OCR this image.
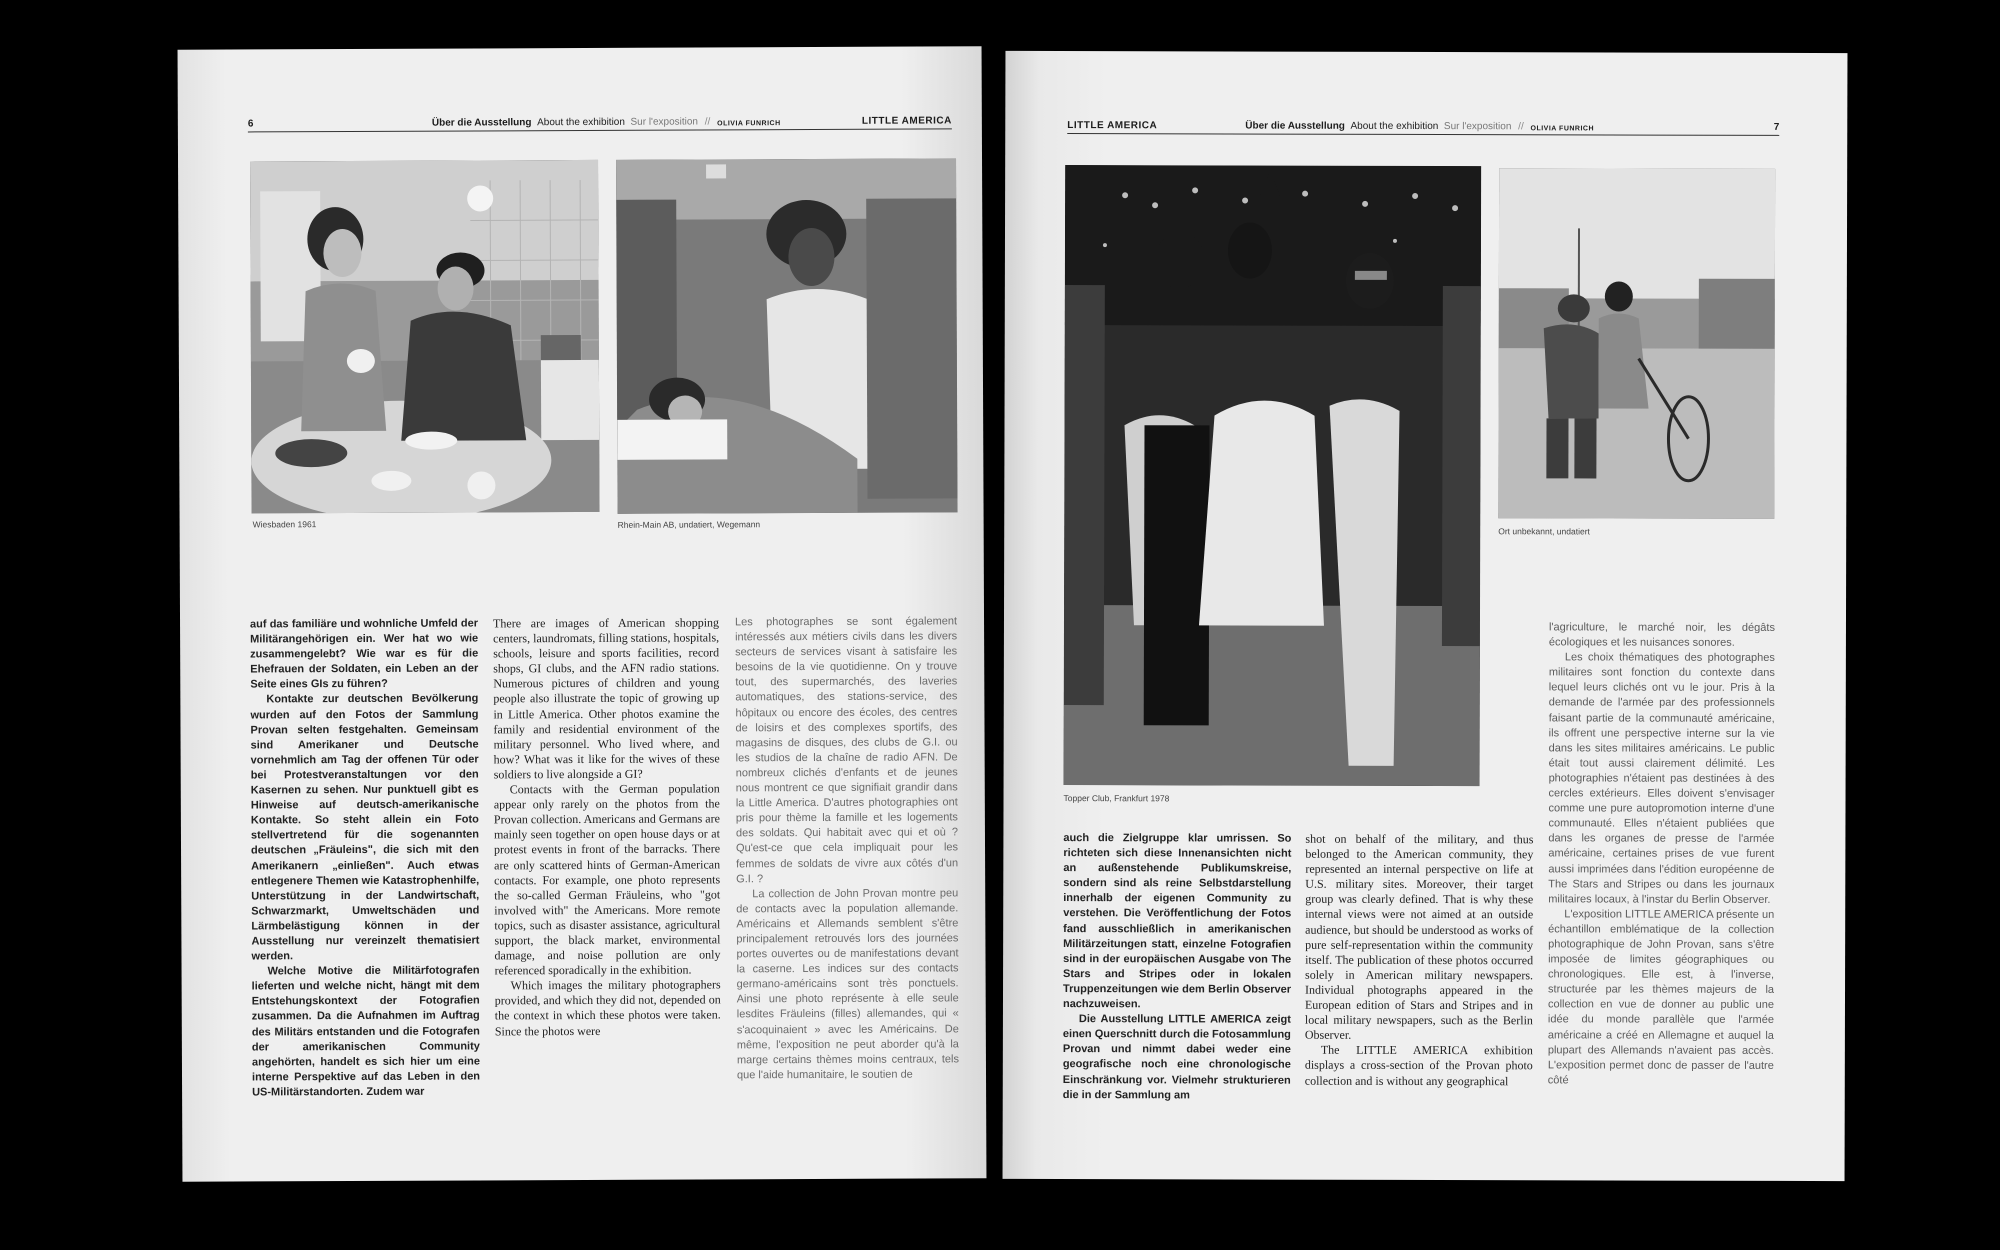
6	Über die Ausstellung About the exhibition Sur l'exposition // OLIVIA FUNRICH	LITTLE AMERICA
Wiesbaden 1961	Rhein-Main AB, undatiert, Wegemann

auf das familiäre und wohnliche Umfeld der Militärangehörigen ein. Wer hat wo wie zusammengelebt? Wie war es für die Ehefrauen der Soldaten, ein Leben an der Seite eines GIs zu führen?

Kontakte zur deutschen Bevölkerung wurden auf den Fotos der Sammlung Provan selten festgehalten. Gemeinsam sind Amerikaner und Deutsche vornehmlich am Tag der offenen Tür oder bei Protestveranstaltungen vor den Kasernen zu sehen. Nur punktuell gibt es Hinweise auf deutsch-amerikanische Kontakte. So steht allein ein Foto stellvertretend für die sogenannten deutschen „Fräuleins", die sich mit den Amerikanern „einließen". Auch etwas entlegenere Themen wie Katastrophenhilfe, Unterstützung in der Landwirtschaft, Schwarzmarkt, Umweltschäden und Lärmbelästigung können in der Ausstellung nur vereinzelt thematisiert werden.

Welche Motive die Militärfotografen lieferten und welche nicht, hängt mit dem Entstehungskontext der Fotografien zusammen. Da die Aufnahmen im Auftrag des Militärs entstanden und die Fotografen der amerikanischen Community angehörten, handelt es sich hier um eine interne Perspektive auf das Leben in den US-Militärstandorten. Zudem war

There are images of American shopping centers, laundromats, filling stations, hospitals, schools, leisure and sports facilities, record shops, GI clubs, and the AFN radio stations. Numerous pictures of children and young people also illustrate the topic of growing up in Little America. Other photos examine the family and residential environment of the military personnel. Who lived where, and how? What was it like for the wives of these soldiers to live alongside a GI?

Contacts with the German population appear only rarely on the photos from the Provan collection. Americans and Germans are mainly seen together on open house days or at protest events in front of the barracks. There are only scattered hints of German-American contacts. For example, one photo represents the so-called German Fräuleins, who "got involved with" the Americans. More remote topics, such as disaster assistance, agricultural support, the black market, environmental damage, and noise pollution are only referenced sporadically in the exhibition.

Which images the military photographers provided, and which they did not, depended on the context in which these photos were taken. Since the photos were

Les photographes se sont également intéressés aux métiers civils dans les divers secteurs de services visant à satisfaire les besoins de la vie quotidienne. On y trouve tout, des supermarchés, des laveries automatiques, des stations-service, des hôpitaux ou encore des écoles, des centres de loisirs et des complexes sportifs, des magasins de disques, des clubs de G.I. ou les studios de la chaîne de radio AFN. De nombreux clichés d'enfants et de jeunes nous montrent ce que signifiait grandir dans la Little America. D'autres photographies ont pris pour thème la famille et les logements des soldats. Qui habitait avec qui et où ? Qu'est-ce que cela impliquait pour les femmes de soldats de vivre aux côtés d'un G.I. ?

La collection de John Provan montre peu de contacts avec la population allemande. Américains et Allemands semblent s'être principalement retrouvés lors des journées portes ouvertes ou de manifestations devant la caserne. Les indices sur des contacts germano-américains sont très ponctuels. Ainsi une photo représente à elle seule lesdites Fräuleins (filles) allemandes, qui « s'acoquinaient » avec les Américains. De même, l'exposition ne peut aborder qu'à la marge certains thèmes moins centraux, tels que l'aide humanitaire, le soutien de

LITTLE AMERICA	Über die Ausstellung About the exhibition Sur l'exposition // OLIVIA FUNRICH	7
Topper Club, Frankfurt 1978
Ort unbekannt, undatiert

auch die Zielgruppe klar umrissen. So richteten sich diese Innenansichten nicht an außenstehende Publikumskreise, sondern sind als reine Selbstdarstellung innerhalb der eigenen Community zu verstehen. Die Veröffentlichung der Fotos fand ausschließlich in amerikanischen Militärzeitungen statt, einzelne Fotografien sind in der europäischen Ausgabe von The Stars and Stripes oder in lokalen Truppenzeitungen wie dem Berlin Observer nachzuweisen.

Die Ausstellung LITTLE AMERICA zeigt einen Querschnitt durch die Fotosammlung Provan und nimmt dabei weder eine geografische noch eine chronologische Einschränkung vor. Vielmehr strukturieren die in der Sammlung am

shot on behalf of the military, and thus belonged to the American community, they represented an internal perspective on life at U.S. military sites. Moreover, their target group was clearly defined. That is why these internal views were not aimed at an outside audience, but should be understood as works of pure self-representation within the community itself. The publication of these photos occurred solely in American military newspapers. Individual photographs appeared in the European edition of Stars and Stripes and in local military newspapers, such as the Berlin Observer.

The LITTLE AMERICA exhibition displays a cross-section of the Provan photo collection and is without any geographical

l'agriculture, le marché noir, les dégâts écologiques et les nuisances sonores.

Les choix thématiques des photographes militaires sont fonction du contexte dans lequel leurs clichés ont vu le jour. Pris à la demande de l'armée par des professionnels faisant partie de la communauté américaine, ils offrent une perspective interne sur la vie dans les sites militaires américains. Le public était tout aussi clairement délimité. Les photographies n'étaient pas destinées à des cercles extérieurs. Elles doivent s'envisager comme une pure autopromotion interne d'une communauté. Elles n'étaient publiées que dans les organes de presse de l'armée américaine, certaines prises de vue furent aussi imprimées dans l'édition européenne de The Stars and Stripes ou dans les journaux militaires locaux, à l'instar du Berlin Observer.

L'exposition LITTLE AMERICA présente un échantillon emblématique de la collection photographique de John Provan, sans s'être imposée de limites géographiques ou chronologiques. Elle est, à l'inverse, structurée par les thèmes majeurs de la collection en vue de donner au public une idée du monde parallèle que l'armée américaine a créé en Allemagne et auquel la plupart des Allemands n'avaient pas accès. L'exposition permet donc de passer de l'autre côté
